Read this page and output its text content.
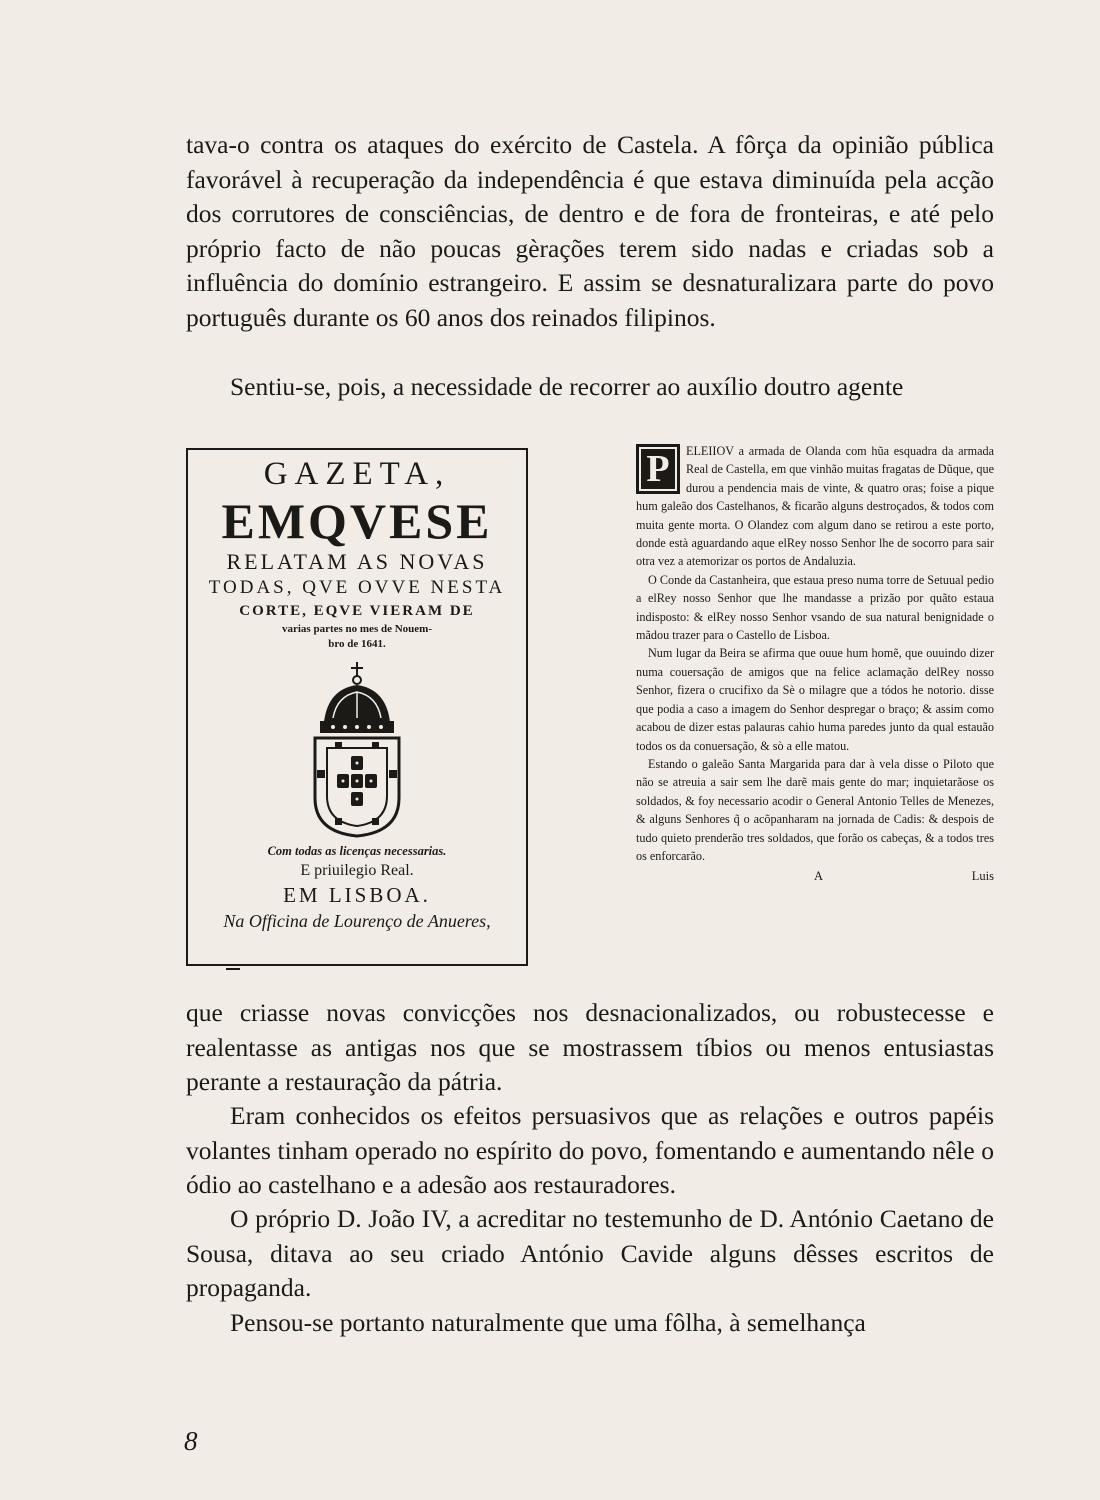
tava-o contra os ataques do exército de Castela. A fôrça da opinião pública favorável à recuperação da independência é que estava diminuída pela acção dos corrutores de consciências, de dentro e de fora de fronteiras, e até pelo próprio facto de não poucas gèrações terem sido nadas e criadas sob a influência do domínio estrangeiro. E assim se desnaturalizara parte do povo português durante os 60 anos dos reinados filipinos.

Sentiu-se, pois, a necessidade de recorrer ao auxílio doutro agente

GAZETA,
EMQVESE
RELATAM AS NOVAS
TODAS, QVE OVVE NESTA
CORTE, EQVE VIERAM DE
varias partes no mes de Nouem-
bro de 1641.
Com todas as licenças necessarias.
E priuilegio Real.
EM LISBOA.
Na Officina de Lourenço de Anueres,
P	ELEIIOV a armada de Olanda com hũa esquadra da armada Real de Castella, em que vinhão muitas fragatas de Dũque, que durou a pendencia mais de vinte, & quatro oras; foise a pique hum galeão dos Castelhanos, & ficarão alguns destroçados, & todos com muita gente morta. O Olandez com algum dano se retirou a este porto, donde està aguardando aque elRey nosso Senhor lhe de socorro para sair otra vez a atemorizar os portos de Andaluzia.

O Conde da Castanheira, que estaua preso numa torre de Setuual pedio a elRey nosso Senhor que lhe mandasse a prizão por quãto estaua indisposto: & elRey nosso Senhor vsando de sua natural benignidade o mãdou trazer para o Castello de Lisboa.

Num lugar da Beira se afirma que ouue hum homẽ, que ouuindo dizer numa couersação de amigos que na felice aclamação delRey nosso Senhor, fizera o crucifixo da Sè o milagre que a tódos he notorio. disse que podia a caso a imagem do Senhor despregar o braço; & assim como acabou de dizer estas palauras cahio huma paredes junto da qual estauão todos os da conuersação, & sò a elle matou.

Estando o galeão Santa Margarida para dar à vela disse o Piloto que não se atreuia a sair sem lhe darẽ mais gente do mar; inquietarãose os soldados, & foy necessario acodir o General Antonio Telles de Menezes, & alguns Senhores q̃ o acõpanharam na jornada de Cadis: & despois de tudo quieto prenderão tres soldados, que forão os cabeças, & a todos tres os enforcarão.

A	Luis

que criasse novas convicções nos desnacionalizados, ou robustecesse e realentasse as antigas nos que se mostrassem tíbios ou menos entusiastas perante a restauração da pátria.

Eram conhecidos os efeitos persuasivos que as relações e outros papéis volantes tinham operado no espírito do povo, fomentando e aumentando nêle o ódio ao castelhano e a adesão aos restauradores.

O próprio D. João IV, a acreditar no testemunho de D. António Caetano de Sousa, ditava ao seu criado António Cavide alguns dêsses escritos de propaganda.

Pensou-se portanto naturalmente que uma fôlha, à semelhança

8
